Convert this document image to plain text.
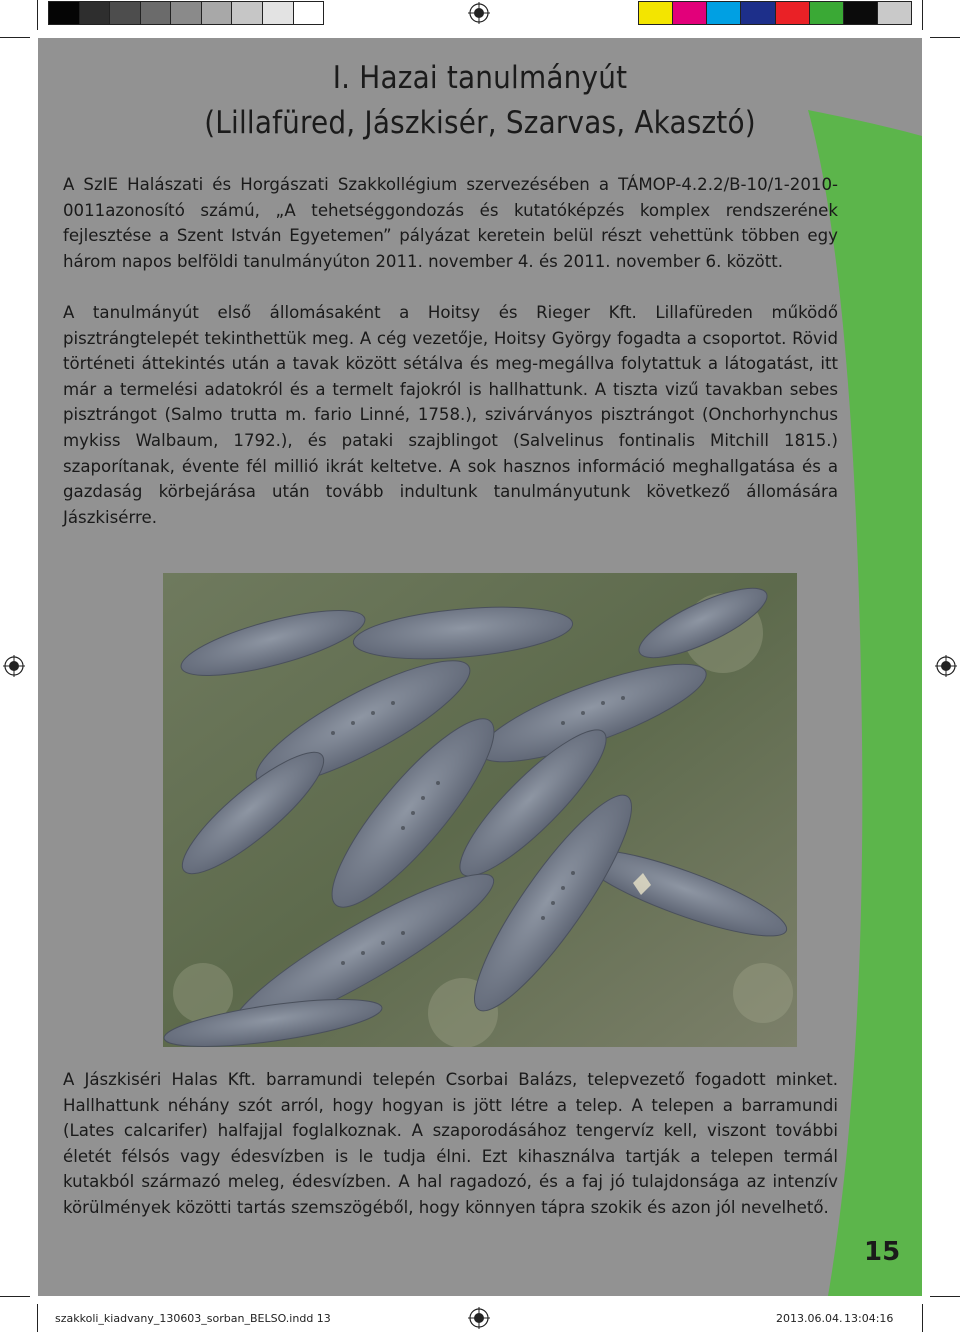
I. Hazai tanulmányút
(Lillafüred, Jászkisér, Szarvas, Akasztó)

A SzIE Halászati és Horgászati Szakkollégium szervezésében a TÁMOP-4.2.2/B-10/1-2010-0011azonosító számú, „A tehetséggondozás és kutatóképzés komplex rendszerének fejlesztése a Szent István Egyetemen” pályázat keretein belül részt vehettünk többen egy három napos belföldi tanulmányúton 2011. november 4. és 2011. november 6. között.

A tanulmányút első állomásaként a Hoitsy és Rieger Kft. Lillafüreden működő pisztrángtelepét tekinthettük meg. A cég vezetője, Hoitsy György fogadta a csoportot. Rövid történeti áttekintés után a tavak között sétálva és meg-megállva folytattuk a látogatást, itt már a termelési adatokról és a termelt fajokról is hallhattunk. A tiszta vizű tavakban sebes pisztrángot (Salmo trutta m. fario Linné, 1758.), szivárványos pisztrángot (Onchorhynchus mykiss Walbaum, 1792.), és pataki szajblingot (Salvelinus fontinalis Mitchill 1815.) szaporítanak, évente fél millió ikrát keltetve. A sok hasznos információ meghallgatása és a gazdaság körbejárása után tovább indultunk tanulmányutunk következő állomására Jászkisérre.

A Jászkiséri Halas Kft. barramundi telepén Csorbai Balázs, telepvezető fogadott minket. Hallhattunk néhány szót arról, hogy hogyan is jött létre a telep. A telepen a barramundi (Lates calcarifer) halfajjal foglalkoznak. A szaporodásához tengervíz kell, viszont további életét félsós vagy édesvízben is le tudja élni. Ezt kihasználva tartják a telepen termál kutakból származó meleg, édesvízben. A hal ragadozó, és a faj jó tulajdonsága az intenzív körülmények közötti tartás szemszögéből, hogy könnyen tápra szokik és azon jól nevelhető.

15
szakkoli_kiadvany_130603_sorban_BELSO.indd 13	2013.06.04. 13:04:16
